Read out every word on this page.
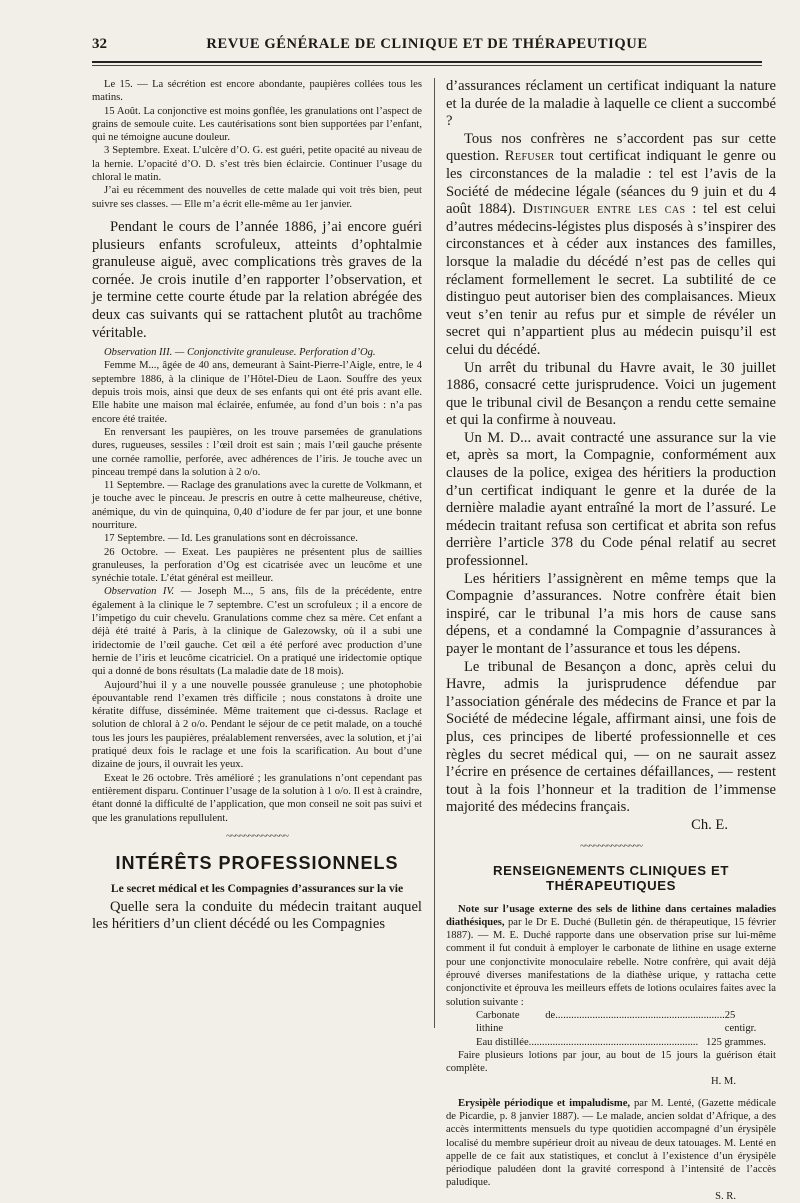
32	REVUE GÉNÉRALE DE CLINIQUE ET DE THÉRAPEUTIQUE

Le 15. — La sécrétion est encore abondante, paupières collées tous les matins.

15 Août. La conjonctive est moins gonflée, les granulations ont l’aspect de grains de semoule cuite. Les cautérisations sont bien supportées par l’enfant, qui ne témoigne aucune douleur.

3 Septembre. Exeat. L’ulcère d’O. G. est guéri, petite opacité au niveau de la hernie. L’opacité d’O. D. s’est très bien éclaircie. Continuer l’usage du chloral le matin.

J’ai eu récemment des nouvelles de cette malade qui voit très bien, peut suivre ses classes. — Elle m’a écrit elle-même au 1er janvier.

Pendant le cours de l’année 1886, j’ai encore guéri plusieurs enfants scrofuleux, atteints d’ophtalmie granuleuse aiguë, avec complications très graves de la cornée. Je crois inutile d’en rapporter l’observation, et je termine cette courte étude par la relation abrégée des deux cas suivants qui se rattachent plutôt au trachôme véritable.

Observation III. — Conjonctivite granuleuse. Perforation d’Og.

Femme M..., âgée de 40 ans, demeurant à Saint-Pierre-l’Aigle, entre, le 4 septembre 1886, à la clinique de l’Hôtel-Dieu de Laon. Souffre des yeux depuis trois mois, ainsi que deux de ses enfants qui ont été pris avant elle. Elle habite une maison mal éclairée, enfumée, au fond d’un bois : n’a pas encore été traitée.

En renversant les paupières, on les trouve parsemées de granulations dures, rugueuses, sessiles : l’œil droit est sain ; mais l’œil gauche présente une cornée ramollie, perforée, avec adhérences de l’iris. Je touche avec un pinceau trempé dans la solution à 2 o/o.

11 Septembre. — Raclage des granulations avec la curette de Volkmann, et je touche avec le pinceau. Je prescris en outre à cette malheureuse, chétive, anémique, du vin de quinquina, 0,40 d’iodure de fer par jour, et une bonne nourriture.

17 Septembre. — Id. Les granulations sont en décroissance.

26 Octobre. — Exeat. Les paupières ne présentent plus de saillies granuleuses, la perforation d’Og est cicatrisée avec un leucôme et une synéchie totale. L’état général est meilleur.

Observation IV. — Joseph M..., 5 ans, fils de la précédente, entre également à la clinique le 7 septembre. C’est un scrofuleux ; il a encore de l’impetigo du cuir chevelu. Granulations comme chez sa mère. Cet enfant a déjà été traité à Paris, à la clinique de Galezowsky, où il a subi une iridectomie de l’œil gauche. Cet œil a été perforé avec production d’une hernie de l’iris et leucôme cicatriciel. On a pratiqué une iridectomie optique qui a donné de bons résultats (La maladie date de 18 mois).

Aujourd’hui il y a une nouvelle poussée granuleuse ; une photophobie épouvantable rend l’examen très difficile ; nous constatons à droite une kératite diffuse, disséminée. Même traitement que ci-dessus. Raclage et solution de chloral à 2 o/o. Pendant le séjour de ce petit malade, on a touché tous les jours les paupières, préalablement renversées, avec la solution, et j’ai pratiqué deux fois le raclage et une fois la scarification. Au bout d’une dizaine de jours, il ouvrait les yeux.

Exeat le 26 octobre. Très amélioré ; les granulations n’ont cependant pas entièrement disparu. Continuer l’usage de la solution à 1 o/o. Il est à craindre, étant donné la difficulté de l’application, que mon conseil ne soit pas suivi et que les granulations repullulent.

~~~~~~~~~~~~~~

INTÉRÊTS PROFESSIONNELS

Le secret médical et les Compagnies d’assurances sur la vie

Quelle sera la conduite du médecin traitant auquel les héritiers d’un client décédé ou les Compagnies

d’assurances réclament un certificat indiquant la nature et la durée de la maladie à laquelle ce client a succombé ?

Tous nos confrères ne s’accordent pas sur cette question. Refuser tout certificat indiquant le genre ou les circonstances de la maladie : tel est l’avis de la Société de médecine légale (séances du 9 juin et du 4 août 1884). Distinguer entre les cas : tel est celui d’autres médecins-légistes plus disposés à s’inspirer des circonstances et à céder aux instances des familles, lorsque la maladie du décédé n’est pas de celles qui réclament formellement le secret. La subtilité de ce distinguo peut autoriser bien des complaisances. Mieux veut s’en tenir au refus pur et simple de révéler un secret qui n’appartient plus au médecin puisqu’il est celui du décédé.

Un arrêt du tribunal du Havre avait, le 30 juillet 1886, consacré cette jurisprudence. Voici un jugement que le tribunal civil de Besançon a rendu cette semaine et qui la confirme à nouveau.

Un M. D... avait contracté une assurance sur la vie et, après sa mort, la Compagnie, conformément aux clauses de la police, exigea des héritiers la production d’un certificat indiquant le genre et la durée de la dernière maladie ayant entraîné la mort de l’assuré. Le médecin traitant refusa son certificat et abrita son refus derrière l’article 378 du Code pénal relatif au secret professionnel.

Les héritiers l’assignèrent en même temps que la Compagnie d’assurances. Notre confrère était bien inspiré, car le tribunal l’a mis hors de cause sans dépens, et a condamné la Compagnie d’assurances à payer le montant de l’assurance et tous les dépens.

Le tribunal de Besançon a donc, après celui du Havre, admis la jurisprudence défendue par l’association générale des médecins de France et par la Société de médecine légale, affirmant ainsi, une fois de plus, ces principes de liberté professionnelle et ces règles du secret médical qui, — on ne saurait assez l’écrire en présence de certaines défaillances, — restent tout à la fois l’honneur et la tradition de l’immense majorité des médecins français.

Ch. E.

~~~~~~~~~~~~~~

RENSEIGNEMENTS CLINIQUES ET THÉRAPEUTIQUES

Note sur l’usage externe des sels de lithine dans certaines maladies diathésiques, par le Dr E. Duché (Bulletin gén. de thérapeutique, 15 février 1887). — M. E. Duché rapporte dans une observation prise sur lui-même comment il fut conduit à employer le carbonate de lithine en usage externe pour une conjonctivite monoculaire rebelle. Notre confrère, qui avait déjà éprouvé diverses manifestations de la diathèse urique, y rattacha cette conjonctivite et éprouva les meilleurs effets de lotions oculaires faites avec la solution suivante :

Carbonate de lithine
................................................................ 25 centigr.
Eau distillée ................................................................ 125 grammes.

Faire plusieurs lotions par jour, au bout de 15 jours la guérison était complète.

H. M.

Erysipèle périodique et impaludisme, par M. Lenté, (Gazette médicale de Picardie, p. 8 janvier 1887). — Le malade, ancien soldat d’Afrique, a des accès intermittents mensuels du type quotidien accompagné d’un érysipèle localisé du membre supérieur droit au niveau de deux tatouages. M. Lenté en appelle de ce fait aux statistiques, et conclut à l’existence d’un érysipèle périodique paludéen dont la gravité correspond à l’intensité de l’accès paludique.

S. R.
